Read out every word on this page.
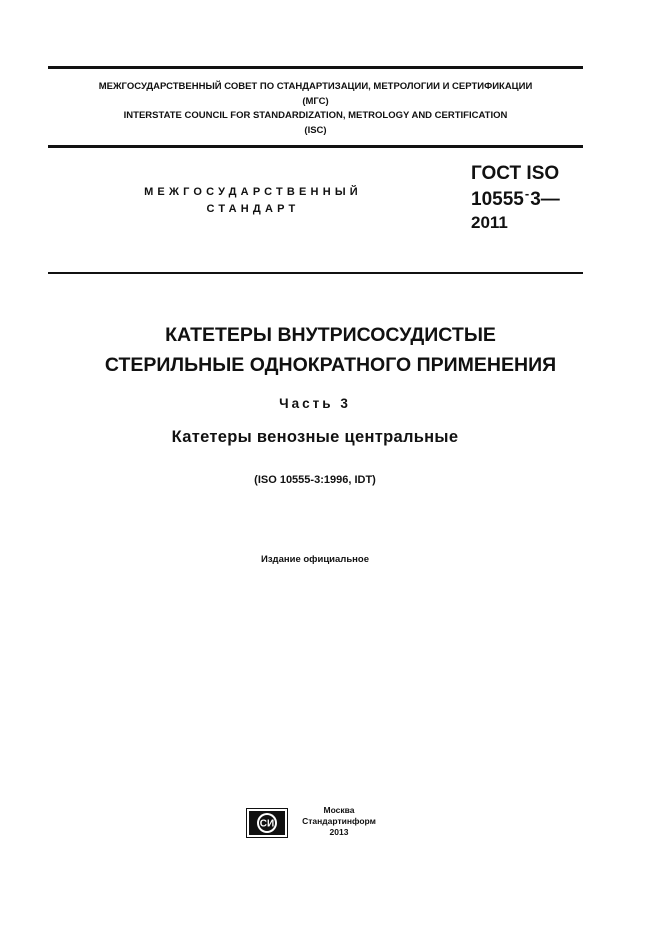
МЕЖГОСУДАРСТВЕННЫЙ СОВЕТ ПО СТАНДАРТИЗАЦИИ, МЕТРОЛОГИИ И СЕРТИФИКАЦИИ
(МГС)
INTERSTATE COUNCIL FOR STANDARDIZATION, METROLOGY AND CERTIFICATION
(ISC)
МЕЖГОСУДАРСТВЕННЫЙ
СТАНДАРТ
ГОСТ ISO
10555-3—
2011
КАТЕТЕРЫ ВНУТРИСОСУДИСТЫЕ
СТЕРИЛЬНЫЕ ОДНОКРАТНОГО ПРИМЕНЕНИЯ
Часть 3
Катетеры венозные центральные
(ISO 10555-3:1996, IDT)
Издание официальное
СИ
Москва
Стандартинформ
2013
